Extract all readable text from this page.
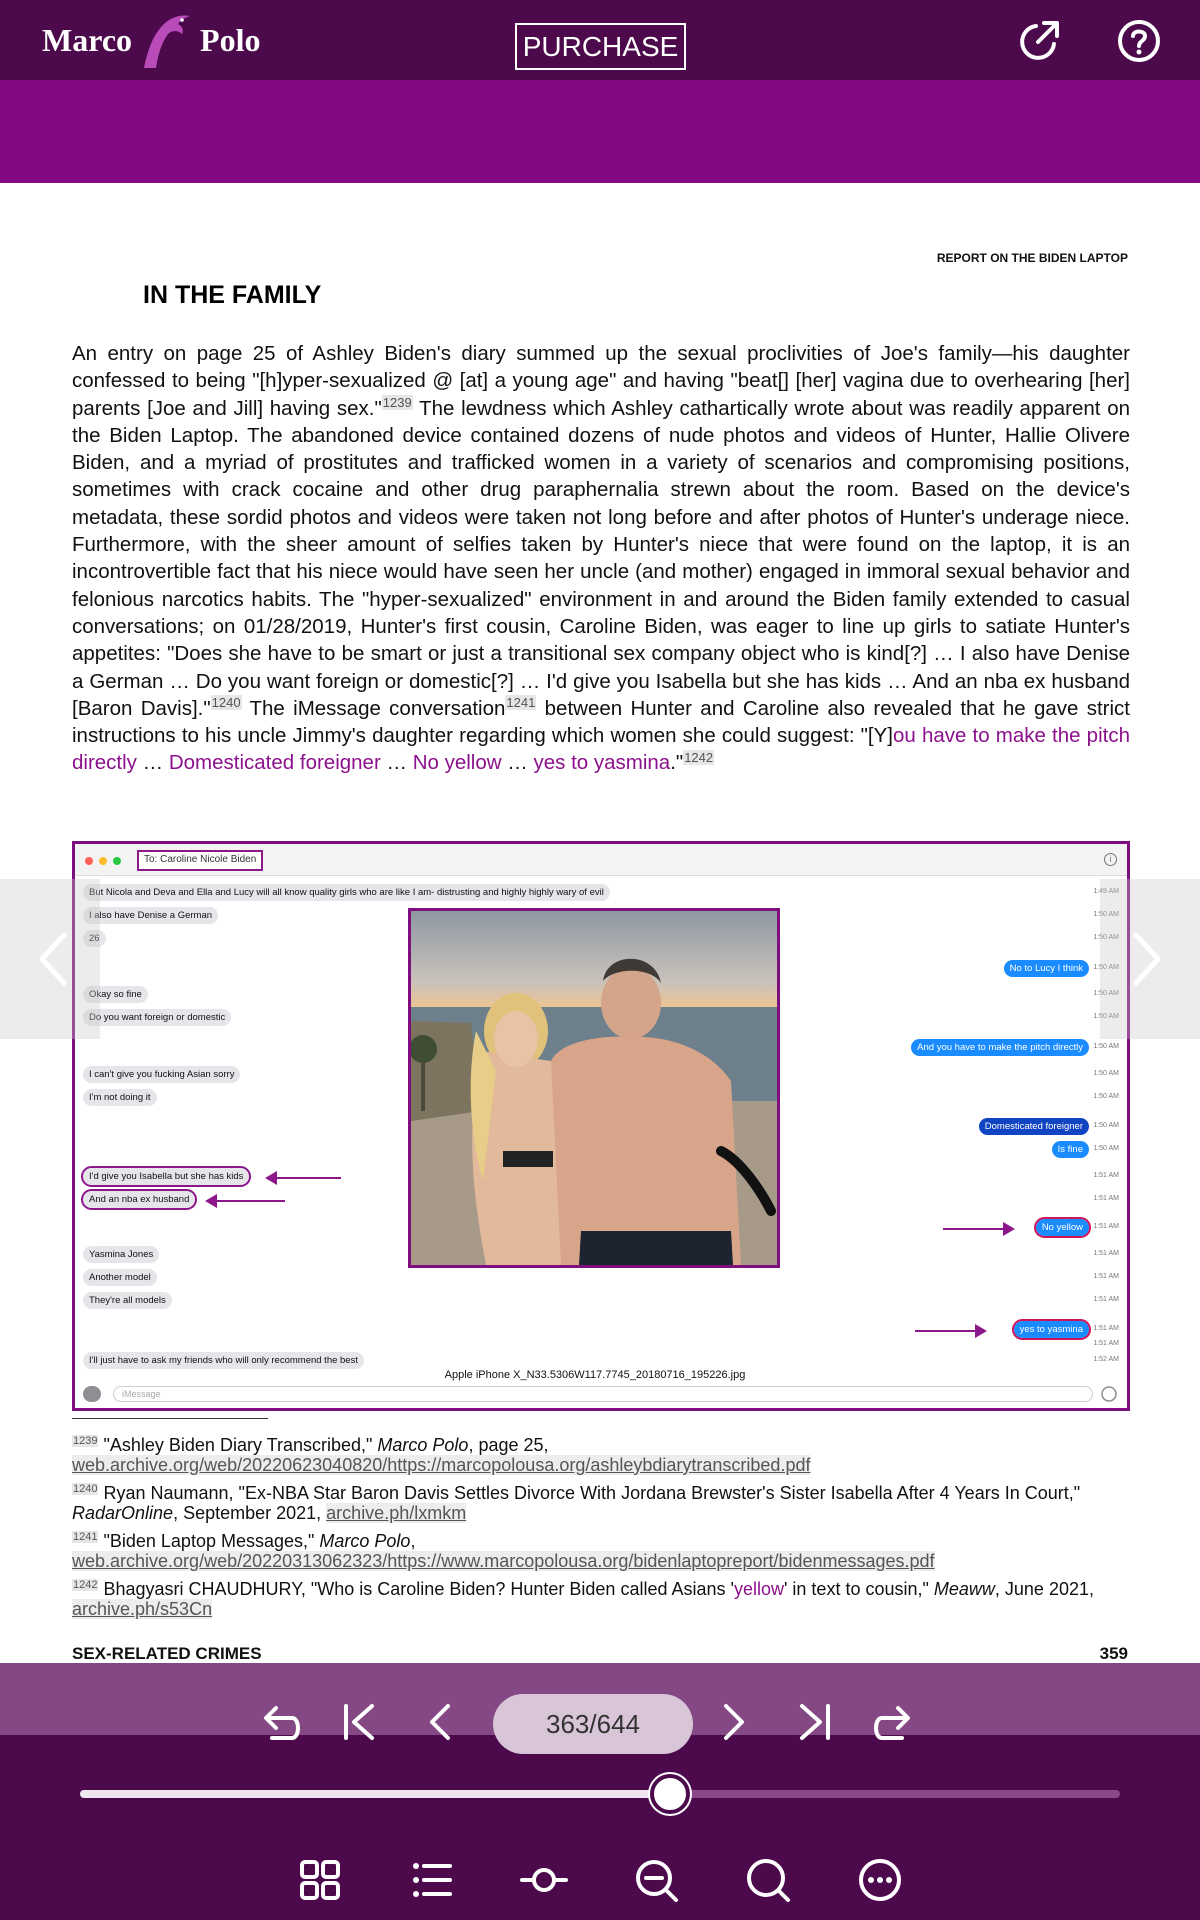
Marco Polo	PURCHASE
REPORT ON THE BIDEN LAPTOP
IN THE FAMILY

An entry on page 25 of Ashley Biden's diary summed up the sexual proclivities of Joe's family—his daughter confessed to being "[h]yper-sexualized @ [at] a young age" and having "beat[] [her] vagina due to overhearing [her] parents [Joe and Jill] having sex."$^{1239}$ The lewdness which Ashley cathartically wrote about was readily apparent on the Biden Laptop. The abandoned device contained dozens of nude photos and videos of Hunter, Hallie Olivere Biden, and a myriad of prostitutes and trafficked women in a variety of scenarios and compromising positions, sometimes with crack cocaine and other drug paraphernalia strewn about the room. Based on the device's metadata, these sordid photos and videos were taken not long before and after photos of Hunter's underage niece. Furthermore, with the sheer amount of selfies taken by Hunter's niece that were found on the laptop, it is an incontrovertible fact that his niece would have seen her uncle (and mother) engaged in immoral sexual behavior and felonious narcotics habits. The "hyper-sexualized" environment in and around the Biden family extended to casual conversations; on 01/28/2019, Hunter's first cousin, Caroline Biden, was eager to line up girls to satiate Hunter's appetites: "Does she have to be smart or just a transitional sex company object who is kind[?] … I also have Denise a German … Do you want foreign or domestic[?] … I'd give you Isabella but she has kids … And an nba ex husband [Baron Davis]."$^{1240}$ The iMessage conversation$^{1241}$ between Hunter and Caroline also revealed that he gave strict instructions to his uncle Jimmy's daughter regarding which women she could suggest: "[Y]ou have to make the pitch directly … Domesticated foreigner … No yellow … yes to yasmina."$^{1242}$

To: Caroline Nicole Biden	i
But Nicola and Deva and Ella and Lucy will all know quality girls who are like I am- distrusting and highly highly wary of evil
I also have Denise a German
26
Okay so fine
Do you want foreign or domestic
I can't give you fucking Asian sorry
I'm not doing it
I'd give you Isabella but she has kids
And an nba ex husband
Yasmina Jones
Another model
They're all models
I'll just have to ask my friends who will only recommend the best
No to Lucy I think
And you have to make the pitch directly
Domesticated foreigner
Is fine
No yellow
yes to yasmina
1:49 AM
1:50 AM
1:50 AM
1:50 AM
1:50 AM
1:50 AM
1:50 AM
1:50 AM
1:50 AM
1:50 AM
1:50 AM
1:51 AM
1:51 AM
1:51 AM
1:51 AM
1:51 AM
1:51 AM
1:51 AM
1:51 AM
1:52 AM
Apple iPhone X_N33.5306W117.7745_20180716_195226.jpg
iMessage
$^{1239}$ "Ashley Biden Diary Transcribed," Marco Polo, page 25,
web.archive.org/web/20220623040820/https://marcopolousa.org/ashleybdiarytranscribed.pdf
$^{1240}$ Ryan Naumann, "Ex-NBA Star Baron Davis Settles Divorce With Jordana Brewster's Sister Isabella After 4 Years In Court," RadarOnline, September 2021, archive.ph/lxmkm
$^{1241}$ "Biden Laptop Messages," Marco Polo,
web.archive.org/web/20220313062323/https://www.marcopolousa.org/bidenlaptopreport/bidenmessages.pdf
$^{1242}$ Bhagyasri CHAUDHURY, "Who is Caroline Biden? Hunter Biden called Asians 'yellow' in text to cousin," Meaww, June 2021, archive.ph/s53Cn
SEX-RELATED CRIMES	359
363/644
